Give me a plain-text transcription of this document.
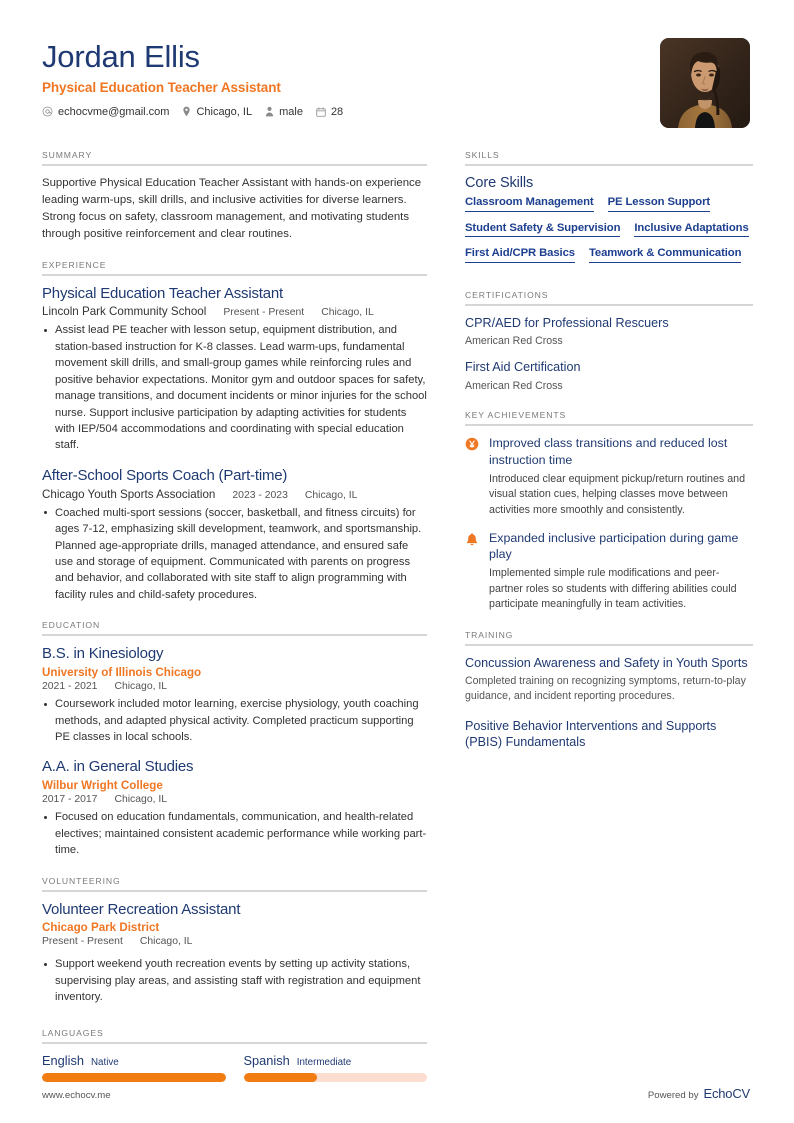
Jordan Ellis
Physical Education Teacher Assistant
echocvme@gmail.com Chicago, IL male	28
SUMMARY
Supportive Physical Education Teacher Assistant with hands-on experience leading warm-ups, skill drills, and inclusive activities for diverse learners. Strong focus on safety, classroom management, and motivating students through positive reinforcement and clear routines.
EXPERIENCE
Physical Education Teacher Assistant
Lincoln Park Community School Present - Present Chicago, IL
Assist lead PE teacher with lesson setup, equipment distribution, and station-based instruction for K-8 classes. Lead warm-ups, fundamental movement skill drills, and small-group games while reinforcing rules and positive behavior expectations. Monitor gym and outdoor spaces for safety, manage transitions, and document incidents or minor injuries for the school nurse. Support inclusive participation by adapting activities for students with IEP/504 accommodations and coordinating with special education staff.
After-School Sports Coach (Part-time)
Chicago Youth Sports Association 2023 - 2023 Chicago, IL
Coached multi-sport sessions (soccer, basketball, and fitness circuits) for ages 7-12, emphasizing skill development, teamwork, and sportsmanship. Planned age-appropriate drills, managed attendance, and ensured safe use and storage of equipment. Communicated with parents on progress and behavior, and collaborated with site staff to align programming with facility rules and child-safety procedures.
EDUCATION
B.S. in Kinesiology
University of Illinois Chicago
2021 - 2021 Chicago, IL
Coursework included motor learning, exercise physiology, youth coaching methods, and adapted physical activity. Completed practicum supporting PE classes in local schools.
A.A. in General Studies
Wilbur Wright College
2017 - 2017 Chicago, IL
Focused on education fundamentals, communication, and health-related electives; maintained consistent academic performance while working part-time.
VOLUNTEERING
Volunteer Recreation Assistant
Chicago Park District
Present - Present Chicago, IL
Support weekend youth recreation events by setting up activity stations, supervising play areas, and assisting staff with registration and equipment inventory.
LANGUAGES
English Native	Spanish Intermediate
SKILLS
Core Skills
Classroom Management PE Lesson Support
Student Safety & Supervision Inclusive Adaptations
First Aid/CPR Basics Teamwork & Communication
CERTIFICATIONS
CPR/AED for Professional Rescuers
American Red Cross
First Aid Certification
American Red Cross
KEY ACHIEVEMENTS
Improved class transitions and reduced lost instruction time
Introduced clear equipment pickup/return routines and visual station cues, helping classes move between activities more smoothly and consistently.
Expanded inclusive participation during game play
Implemented simple rule modifications and peer-partner roles so students with differing abilities could participate meaningfully in team activities.
TRAINING
Concussion Awareness and Safety in Youth Sports
Completed training on recognizing symptoms, return-to-play guidance, and incident reporting procedures.
Positive Behavior Interventions and Supports (PBIS) Fundamentals
www.echocv.me	Powered by EchoCV
